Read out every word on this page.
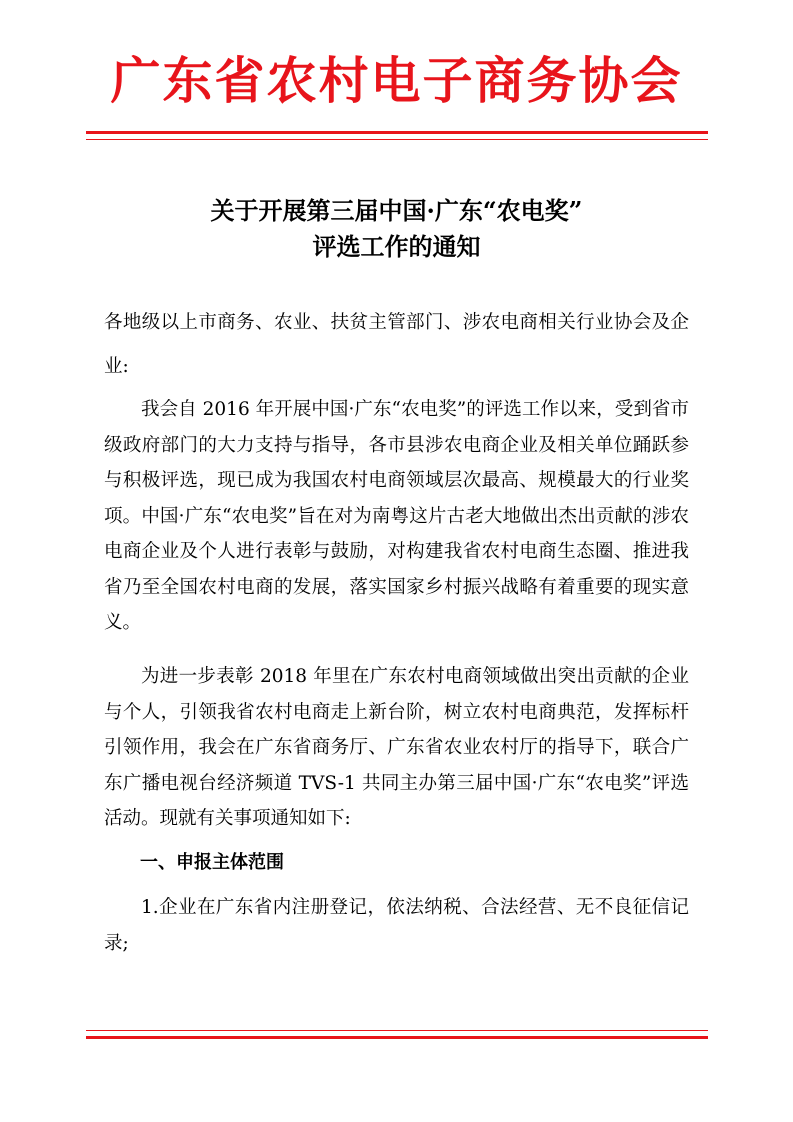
广东省农村电子商务协会
关于开展第三届中国·广东“农电奖”
评选工作的通知
各地级以上市商务、农业、扶贫主管部门、涉农电商相关行业协会及企业:

我会自 2016 年开展中国·广东“农电奖”的评选工作以来，受到省市级政府部门的大力支持与指导，各市县涉农电商企业及相关单位踊跃参与积极评选，现已成为我国农村电商领域层次最高、规模最大的行业奖项。中国·广东“农电奖”旨在对为南粤这片古老大地做出杰出贡献的涉农电商企业及个人进行表彰与鼓励，对构建我省农村电商生态圈、推进我省乃至全国农村电商的发展，落实国家乡村振兴战略有着重要的现实意义。

为进一步表彰 2018 年里在广东农村电商领域做出突出贡献的企业与个人，引领我省农村电商走上新台阶，树立农村电商典范，发挥标杆引领作用，我会在广东省商务厅、广东省农业农村厅的指导下，联合广东广播电视台经济频道 TVS-1 共同主办第三届中国·广东“农电奖”评选活动。现就有关事项通知如下:

一、申报主体范围

1.企业在广东省内注册登记，依法纳税、合法经营、无不良征信记录;
